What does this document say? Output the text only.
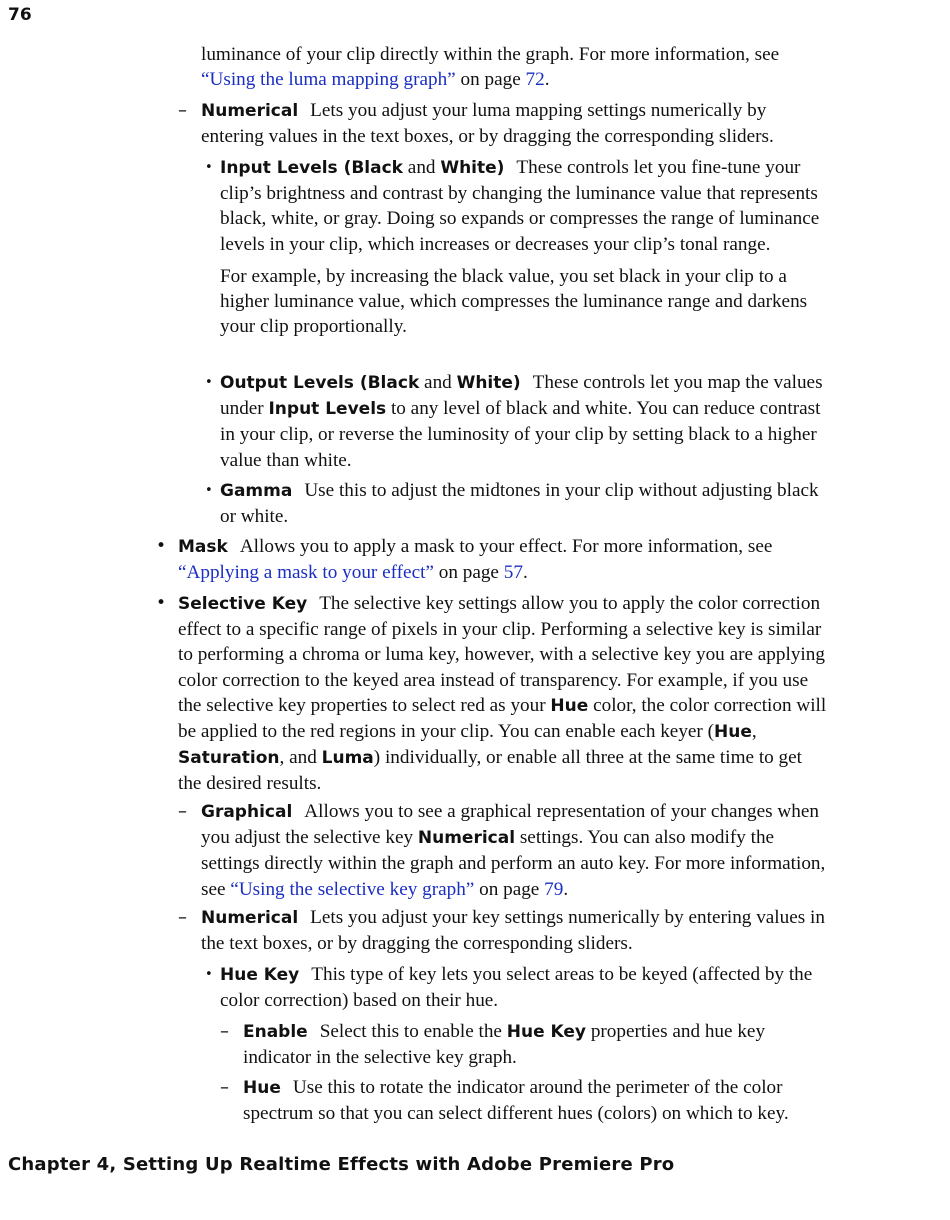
76
luminance of your clip directly within the graph. For more information, see “Using the luma mapping graph” on page 72.
– Numerical Lets you adjust your luma mapping settings numerically by entering values in the text boxes, or by dragging the corresponding sliders.
• Input Levels (Black and White) These controls let you fine-tune your clip’s brightness and contrast by changing the luminance value that represents black, white, or gray. Doing so expands or compresses the range of luminance levels in your clip, which increases or decreases your clip’s tonal range.

For example, by increasing the black value, you set black in your clip to a higher luminance value, which compresses the luminance range and darkens your clip proportionally.

• Output Levels (Black and White) These controls let you map the values under Input Levels to any level of black and white. You can reduce contrast in your clip, or reverse the luminosity of your clip by setting black to a higher value than white.
• Gamma Use this to adjust the midtones in your clip without adjusting black or white.
• Mask Allows you to apply a mask to your effect. For more information, see “Applying a mask to your effect” on page 57.
• Selective Key The selective key settings allow you to apply the color correction effect to a specific range of pixels in your clip. Performing a selective key is similar to performing a chroma or luma key, however, with a selective key you are applying color correction to the keyed area instead of transparency. For example, if you use the selective key properties to select red as your Hue color, the color correction will be applied to the red regions in your clip. You can enable each keyer (Hue, Saturation, and Luma) individually, or enable all three at the same time to get the desired results.
– Graphical Allows you to see a graphical representation of your changes when you adjust the selective key Numerical settings. You can also modify the settings directly within the graph and perform an auto key. For more information, see “Using the selective key graph” on page 79.
– Numerical Lets you adjust your key settings numerically by entering values in the text boxes, or by dragging the corresponding sliders.
• Hue Key This type of key lets you select areas to be keyed (affected by the color correction) based on their hue.
– Enable Select this to enable the Hue Key properties and hue key indicator in the selective key graph.
– Hue Use this to rotate the indicator around the perimeter of the color spectrum so that you can select different hues (colors) on which to key.
Chapter 4, Setting Up Realtime Effects with Adobe Premiere Pro
